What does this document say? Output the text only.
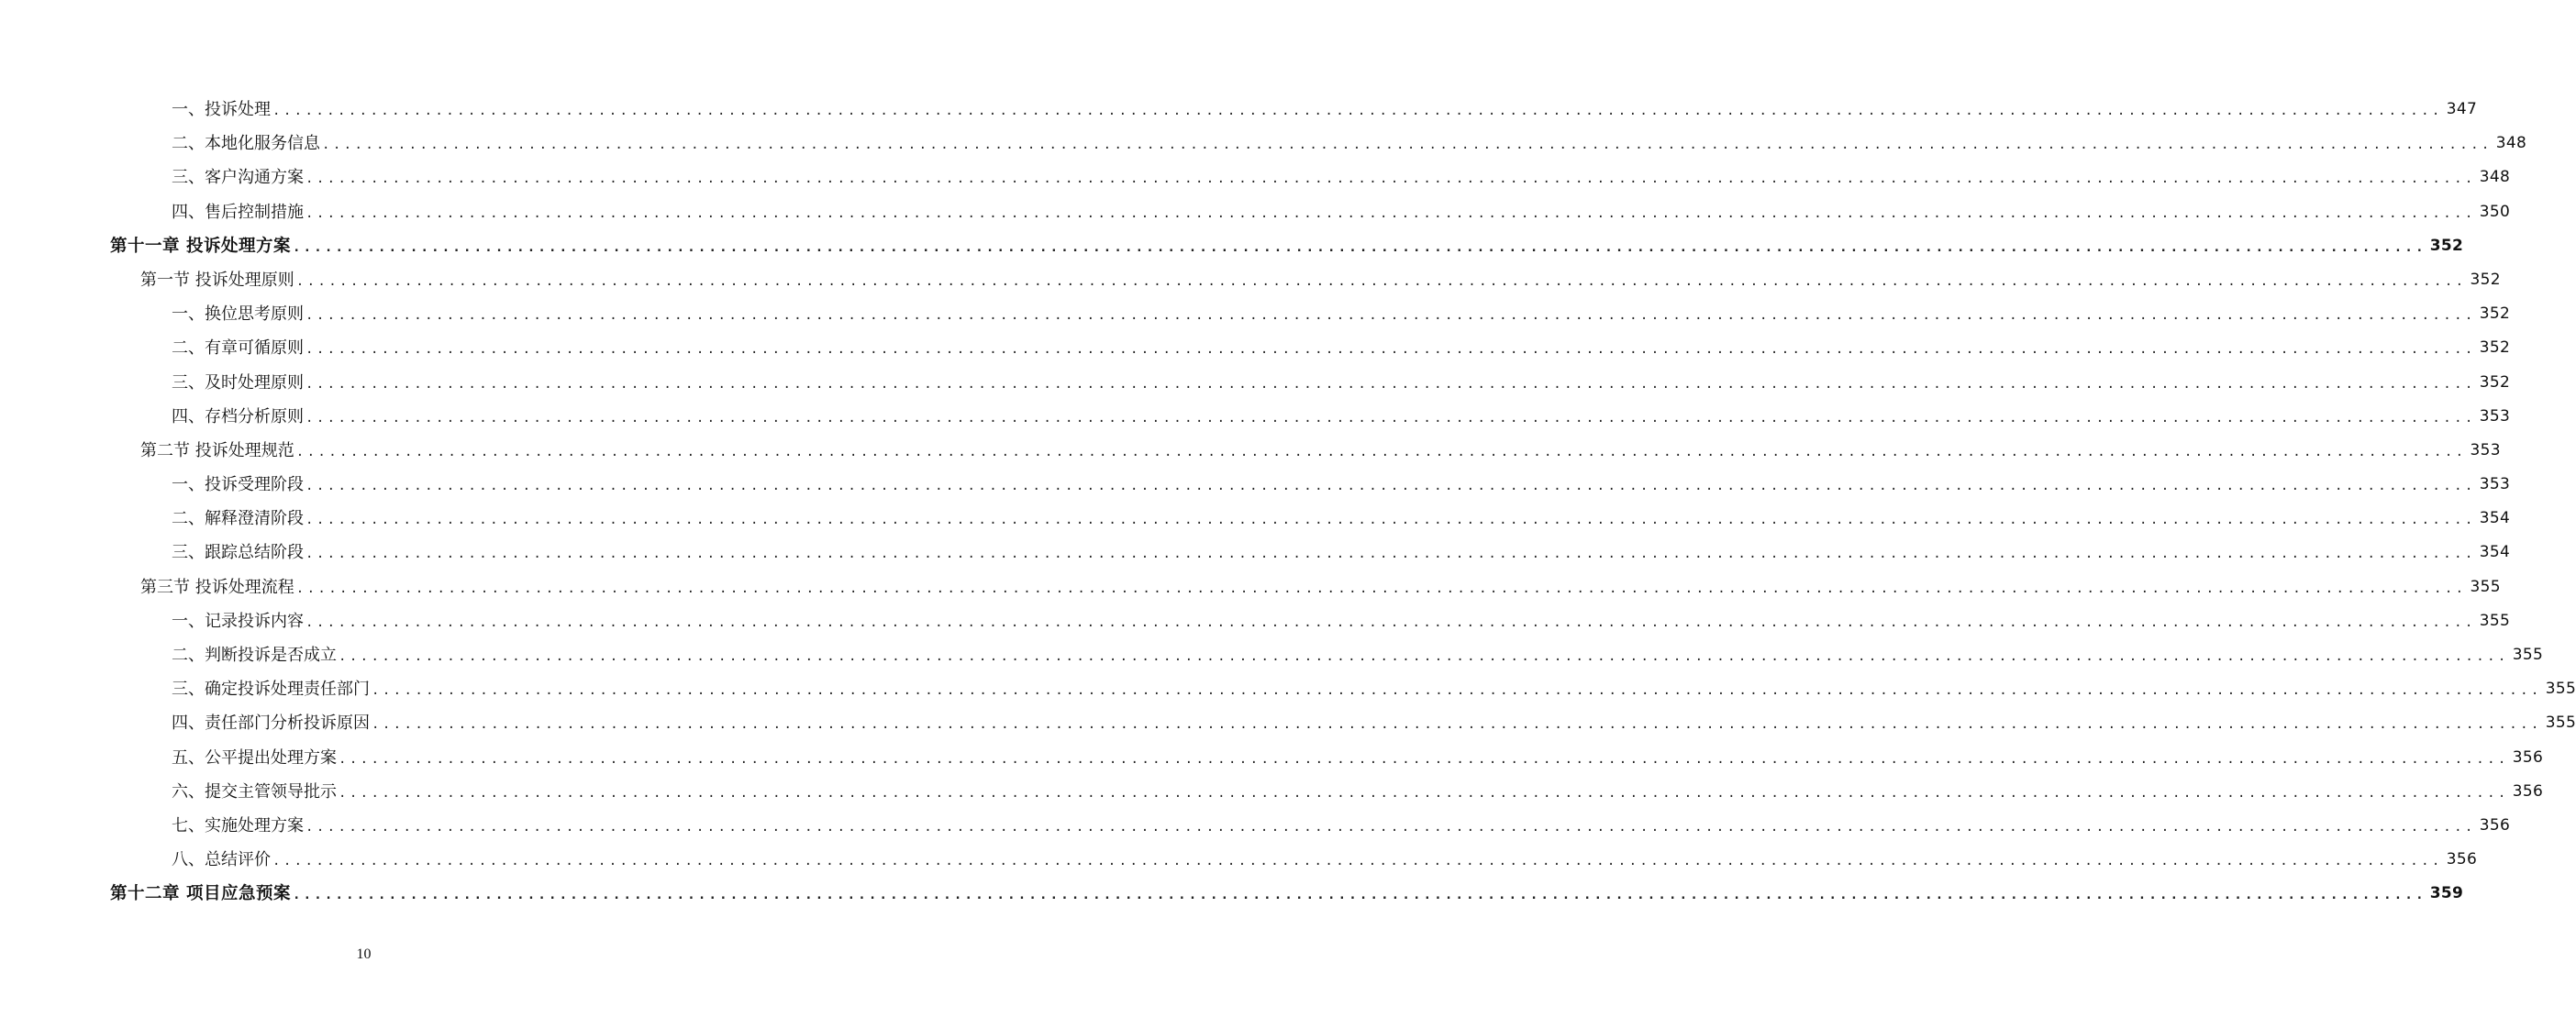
一、投诉处理 ........................................................................................................................................................................................................ 347
二、本地化服务信息 ........................................................................................................................................................................................................ 348
三、客户沟通方案 ........................................................................................................................................................................................................ 348
四、售后控制措施 ........................................................................................................................................................................................................ 350
第十一章 投诉处理方案 ........................................................................................................................................................................................................ 352
第一节 投诉处理原则 ........................................................................................................................................................................................................ 352
一、换位思考原则 ........................................................................................................................................................................................................ 352
二、有章可循原则 ........................................................................................................................................................................................................ 352
三、及时处理原则 ........................................................................................................................................................................................................ 352
四、存档分析原则 ........................................................................................................................................................................................................ 353
第二节 投诉处理规范 ........................................................................................................................................................................................................ 353
一、投诉受理阶段 ........................................................................................................................................................................................................ 353
二、解释澄清阶段 ........................................................................................................................................................................................................ 354
三、跟踪总结阶段 ........................................................................................................................................................................................................ 354
第三节 投诉处理流程 ........................................................................................................................................................................................................ 355
一、记录投诉内容 ........................................................................................................................................................................................................ 355
二、判断投诉是否成立 ........................................................................................................................................................................................................ 355
三、确定投诉处理责任部门 ........................................................................................................................................................................................................ 355
四、责任部门分析投诉原因 ........................................................................................................................................................................................................ 355
五、公平提出处理方案 ........................................................................................................................................................................................................ 356
六、提交主管领导批示 ........................................................................................................................................................................................................ 356
七、实施处理方案 ........................................................................................................................................................................................................ 356
八、总结评价 ........................................................................................................................................................................................................ 356
第十二章 项目应急预案 ........................................................................................................................................................................................................ 359
10
